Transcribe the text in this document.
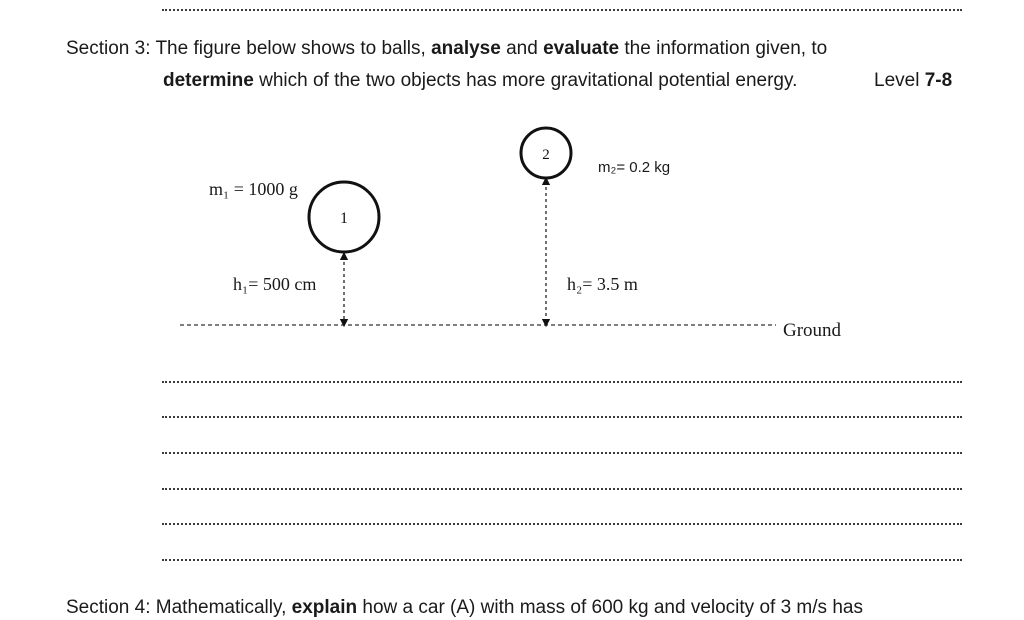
Section 3: The figure below shows to balls, analyse and evaluate the information given, to
determine which of the two objects has more gravitational potential energy.	Level 7-8
Ground
1
m₁ = 1000 g
h₁= 500 cm
2
m₂= 0.2 kg
h₂= 3.5 m
Section 4: Mathematically, explain how a car (A) with mass of 600 kg and velocity of 3 m/s has
